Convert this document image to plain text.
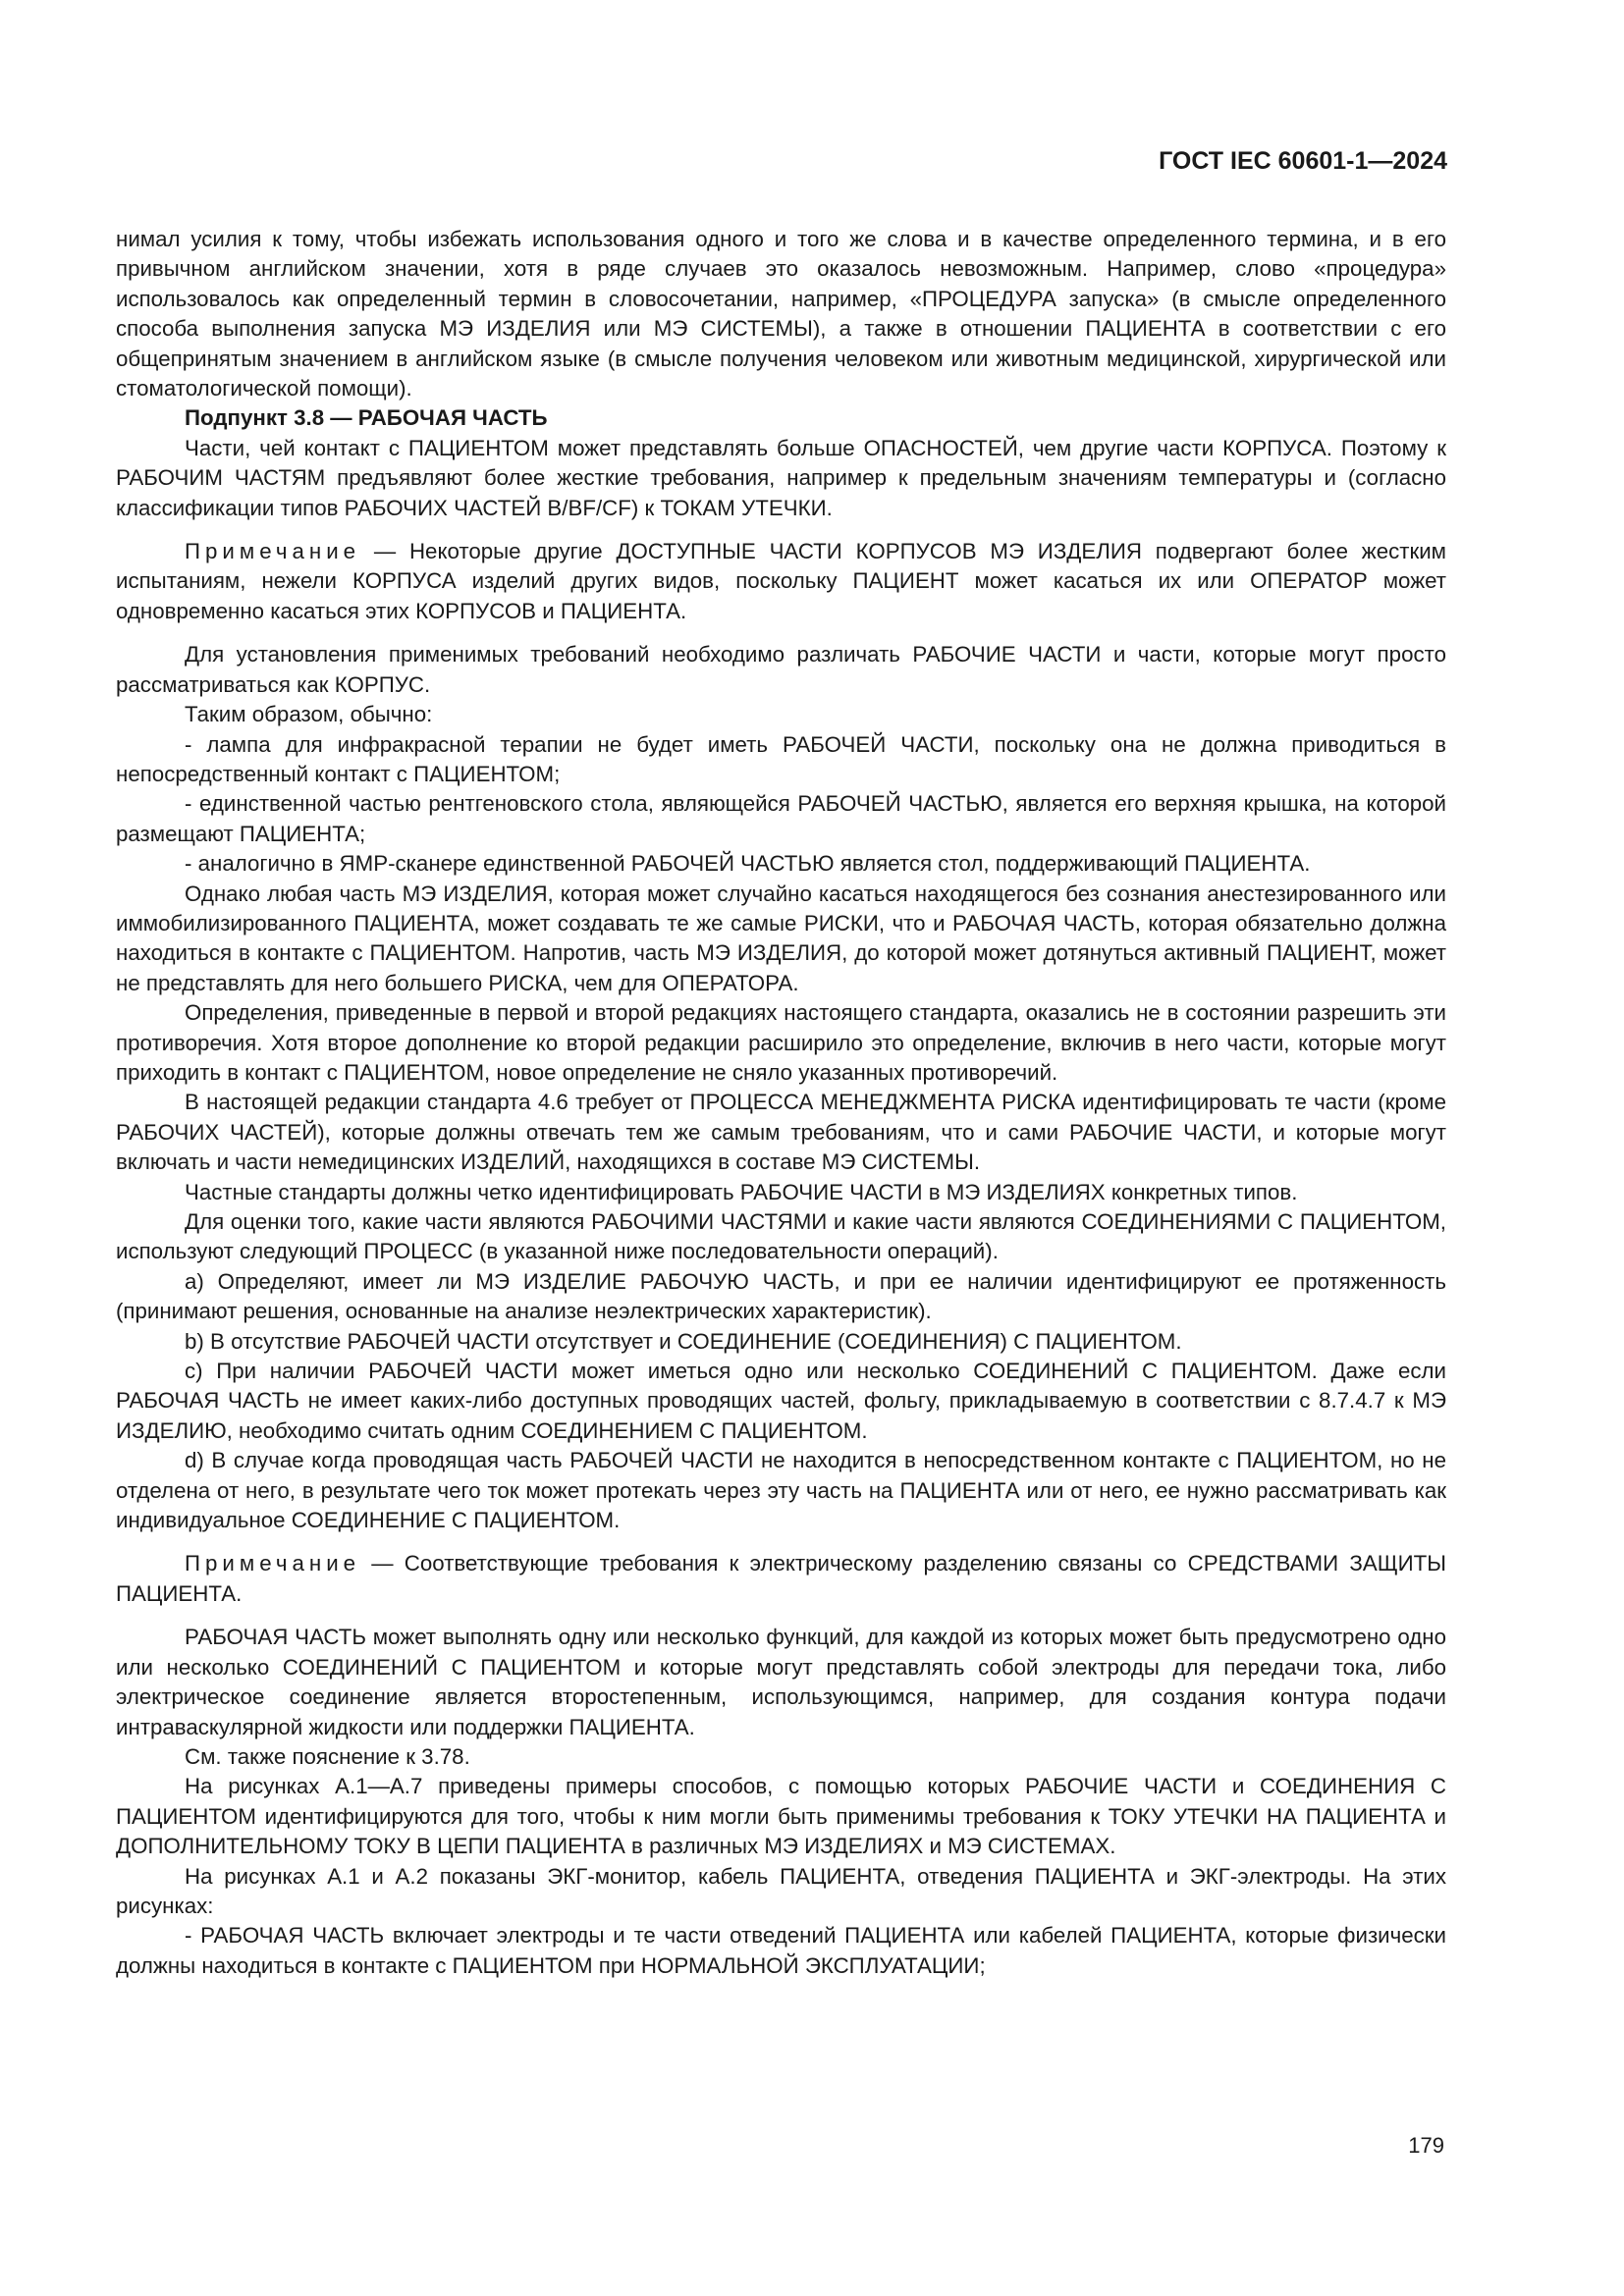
ГОСТ IEC 60601-1—2024

нимал усилия к тому, чтобы избежать использования одного и того же слова и в качестве определенного термина, и в его привычном английском значении, хотя в ряде случаев это оказалось невозможным. Например, слово «процедура» использовалось как определенный термин в словосочетании, например, «ПРОЦЕДУРА запуска» (в смысле определенного способа выполнения запуска МЭ ИЗДЕЛИЯ или МЭ СИСТЕМЫ), а также в отношении ПАЦИЕНТА в соответствии с его общепринятым значением в английском языке (в смысле получения человеком или животным медицинской, хирургической или стоматологической помощи).

Подпункт 3.8 — РАБОЧАЯ ЧАСТЬ

Части, чей контакт с ПАЦИЕНТОМ может представлять больше ОПАСНОСТЕЙ, чем другие части КОРПУСА. Поэтому к РАБОЧИМ ЧАСТЯМ предъявляют более жесткие требования, например к предельным значениям температуры и (согласно классификации типов РАБОЧИХ ЧАСТЕЙ B/BF/CF) к ТОКАМ УТЕЧКИ.

Примечание — Некоторые другие ДОСТУПНЫЕ ЧАСТИ КОРПУСОВ МЭ ИЗДЕЛИЯ подвергают более жестким испытаниям, нежели КОРПУСА изделий других видов, поскольку ПАЦИЕНТ может касаться их или ОПЕРАТОР может одновременно касаться этих КОРПУСОВ и ПАЦИЕНТА.

Для установления применимых требований необходимо различать РАБОЧИЕ ЧАСТИ и части, которые могут просто рассматриваться как КОРПУС.

Таким образом, обычно:

- лампа для инфракрасной терапии не будет иметь РАБОЧЕЙ ЧАСТИ, поскольку она не должна приводиться в непосредственный контакт с ПАЦИЕНТОМ;

- единственной частью рентгеновского стола, являющейся РАБОЧЕЙ ЧАСТЬЮ, является его верхняя крышка, на которой размещают ПАЦИЕНТА;

- аналогично в ЯМР-сканере единственной РАБОЧЕЙ ЧАСТЬЮ является стол, поддерживающий ПАЦИЕНТА.

Однако любая часть МЭ ИЗДЕЛИЯ, которая может случайно касаться находящегося без сознания анестезированного или иммобилизированного ПАЦИЕНТА, может создавать те же самые РИСКИ, что и РАБОЧАЯ ЧАСТЬ, которая обязательно должна находиться в контакте с ПАЦИЕНТОМ. Напротив, часть МЭ ИЗДЕЛИЯ, до которой может дотянуться активный ПАЦИЕНТ, может не представлять для него большего РИСКА, чем для ОПЕРАТОРА.

Определения, приведенные в первой и второй редакциях настоящего стандарта, оказались не в состоянии разрешить эти противоречия. Хотя второе дополнение ко второй редакции расширило это определение, включив в него части, которые могут приходить в контакт с ПАЦИЕНТОМ, новое определение не сняло указанных противоречий.

В настоящей редакции стандарта 4.6 требует от ПРОЦЕССА МЕНЕДЖМЕНТА РИСКА идентифицировать те части (кроме РАБОЧИХ ЧАСТЕЙ), которые должны отвечать тем же самым требованиям, что и сами РАБОЧИЕ ЧАСТИ, и которые могут включать и части немедицинских ИЗДЕЛИЙ, находящихся в составе МЭ СИСТЕМЫ.

Частные стандарты должны четко идентифицировать РАБОЧИЕ ЧАСТИ в МЭ ИЗДЕЛИЯХ конкретных типов.

Для оценки того, какие части являются РАБОЧИМИ ЧАСТЯМИ и какие части являются СОЕДИНЕНИЯМИ С ПАЦИЕНТОМ, используют следующий ПРОЦЕСС (в указанной ниже последовательности операций).

a) Определяют, имеет ли МЭ ИЗДЕЛИЕ РАБОЧУЮ ЧАСТЬ, и при ее наличии идентифицируют ее протяженность (принимают решения, основанные на анализе неэлектрических характеристик).

b) В отсутствие РАБОЧЕЙ ЧАСТИ отсутствует и СОЕДИНЕНИЕ (СОЕДИНЕНИЯ) С ПАЦИЕНТОМ.

c) При наличии РАБОЧЕЙ ЧАСТИ может иметься одно или несколько СОЕДИНЕНИЙ С ПАЦИЕНТОМ. Даже если РАБОЧАЯ ЧАСТЬ не имеет каких-либо доступных проводящих частей, фольгу, прикладываемую в соответствии с 8.7.4.7 к МЭ ИЗДЕЛИЮ, необходимо считать одним СОЕДИНЕНИЕМ С ПАЦИЕНТОМ.

d) В случае когда проводящая часть РАБОЧЕЙ ЧАСТИ не находится в непосредственном контакте с ПАЦИЕНТОМ, но не отделена от него, в результате чего ток может протекать через эту часть на ПАЦИЕНТА или от него, ее нужно рассматривать как индивидуальное СОЕДИНЕНИЕ С ПАЦИЕНТОМ.

Примечание — Соответствующие требования к электрическому разделению связаны со СРЕДСТВАМИ ЗАЩИТЫ ПАЦИЕНТА.

РАБОЧАЯ ЧАСТЬ может выполнять одну или несколько функций, для каждой из которых может быть предусмотрено одно или несколько СОЕДИНЕНИЙ С ПАЦИЕНТОМ и которые могут представлять собой электроды для передачи тока, либо электрическое соединение является второстепенным, использующимся, например, для создания контура подачи интраваскулярной жидкости или поддержки ПАЦИЕНТА.

См. также пояснение к 3.78.

На рисунках А.1—А.7 приведены примеры способов, с помощью которых РАБОЧИЕ ЧАСТИ и СОЕДИНЕНИЯ С ПАЦИЕНТОМ идентифицируются для того, чтобы к ним могли быть применимы требования к ТОКУ УТЕЧКИ НА ПАЦИЕНТА и ДОПОЛНИТЕЛЬНОМУ ТОКУ В ЦЕПИ ПАЦИЕНТА в различных МЭ ИЗДЕЛИЯХ и МЭ СИСТЕМАХ.

На рисунках А.1 и А.2 показаны ЭКГ-монитор, кабель ПАЦИЕНТА, отведения ПАЦИЕНТА и ЭКГ-электроды. На этих рисунках:

- РАБОЧАЯ ЧАСТЬ включает электроды и те части отведений ПАЦИЕНТА или кабелей ПАЦИЕНТА, которые физически должны находиться в контакте с ПАЦИЕНТОМ при НОРМАЛЬНОЙ ЭКСПЛУАТАЦИИ;

179
